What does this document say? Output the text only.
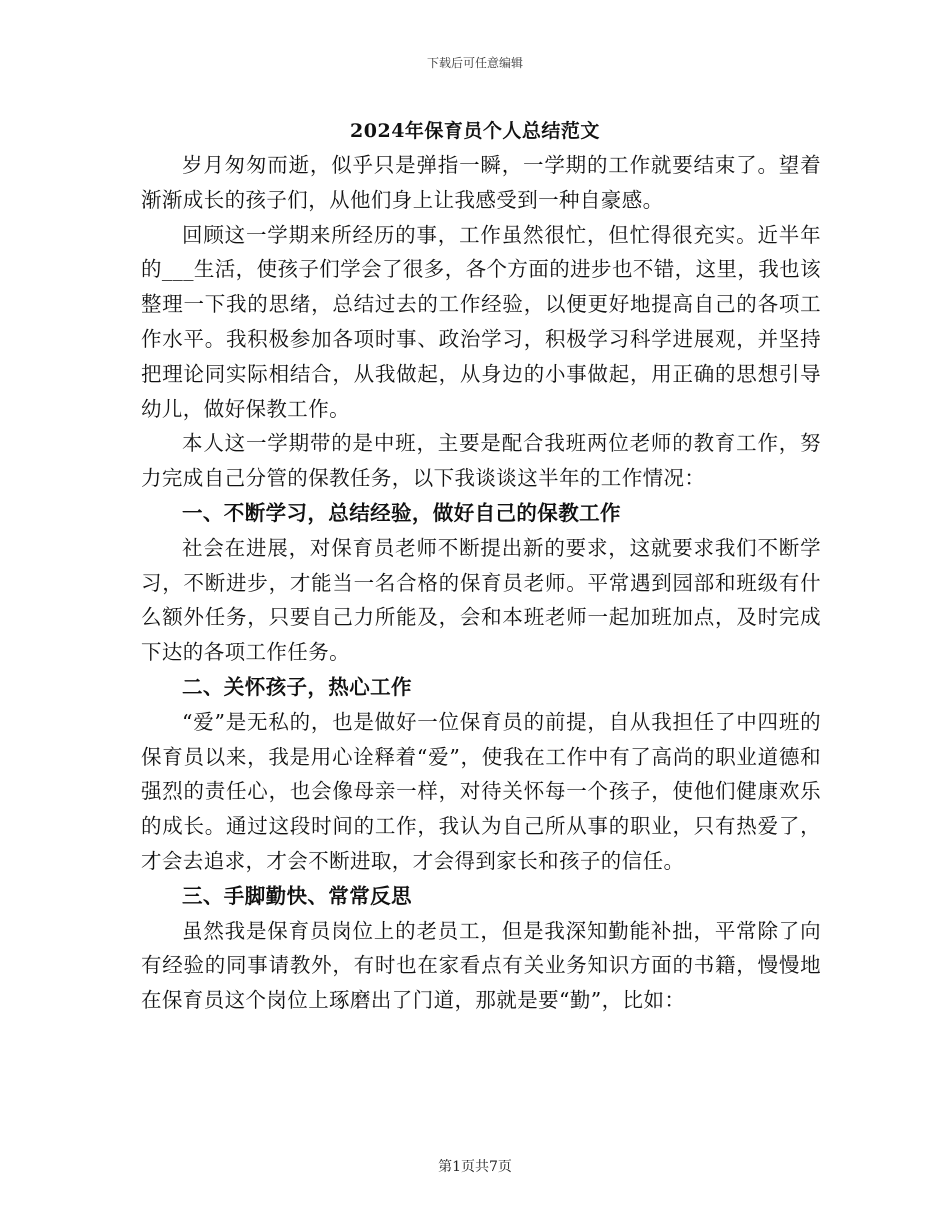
下载后可任意编辑
2024年保育员个人总结范文

岁月匆匆而逝，似乎只是弹指一瞬，一学期的工作就要结束了。望着渐渐成长的孩子们，从他们身上让我感受到一种自豪感。

回顾这一学期来所经历的事，工作虽然很忙，但忙得很充实。近半年的___生活，使孩子们学会了很多，各个方面的进步也不错，这里，我也该整理一下我的思绪，总结过去的工作经验，以便更好地提高自己的各项工作水平。我积极参加各项时事、政治学习，积极学习科学进展观，并坚持把理论同实际相结合，从我做起，从身边的小事做起，用正确的思想引导幼儿，做好保教工作。

本人这一学期带的是中班，主要是配合我班两位老师的教育工作，努力完成自己分管的保教任务，以下我谈谈这半年的工作情况：

一、不断学习，总结经验，做好自己的保教工作

社会在进展，对保育员老师不断提出新的要求，这就要求我们不断学习，不断进步，才能当一名合格的保育员老师。平常遇到园部和班级有什么额外任务，只要自己力所能及，会和本班老师一起加班加点，及时完成下达的各项工作任务。

二、关怀孩子，热心工作

“爱”是无私的，也是做好一位保育员的前提，自从我担任了中四班的保育员以来，我是用心诠释着“爱”，使我在工作中有了高尚的职业道德和强烈的责任心，也会像母亲一样，对待关怀每一个孩子，使他们健康欢乐的成长。通过这段时间的工作，我认为自己所从事的职业，只有热爱了，才会去追求，才会不断进取，才会得到家长和孩子的信任。

三、手脚勤快、常常反思

虽然我是保育员岗位上的老员工，但是我深知勤能补拙，平常除了向有经验的同事请教外，有时也在家看点有关业务知识方面的书籍，慢慢地在保育员这个岗位上琢磨出了门道，那就是要“勤”，比如：

第1页共7页
